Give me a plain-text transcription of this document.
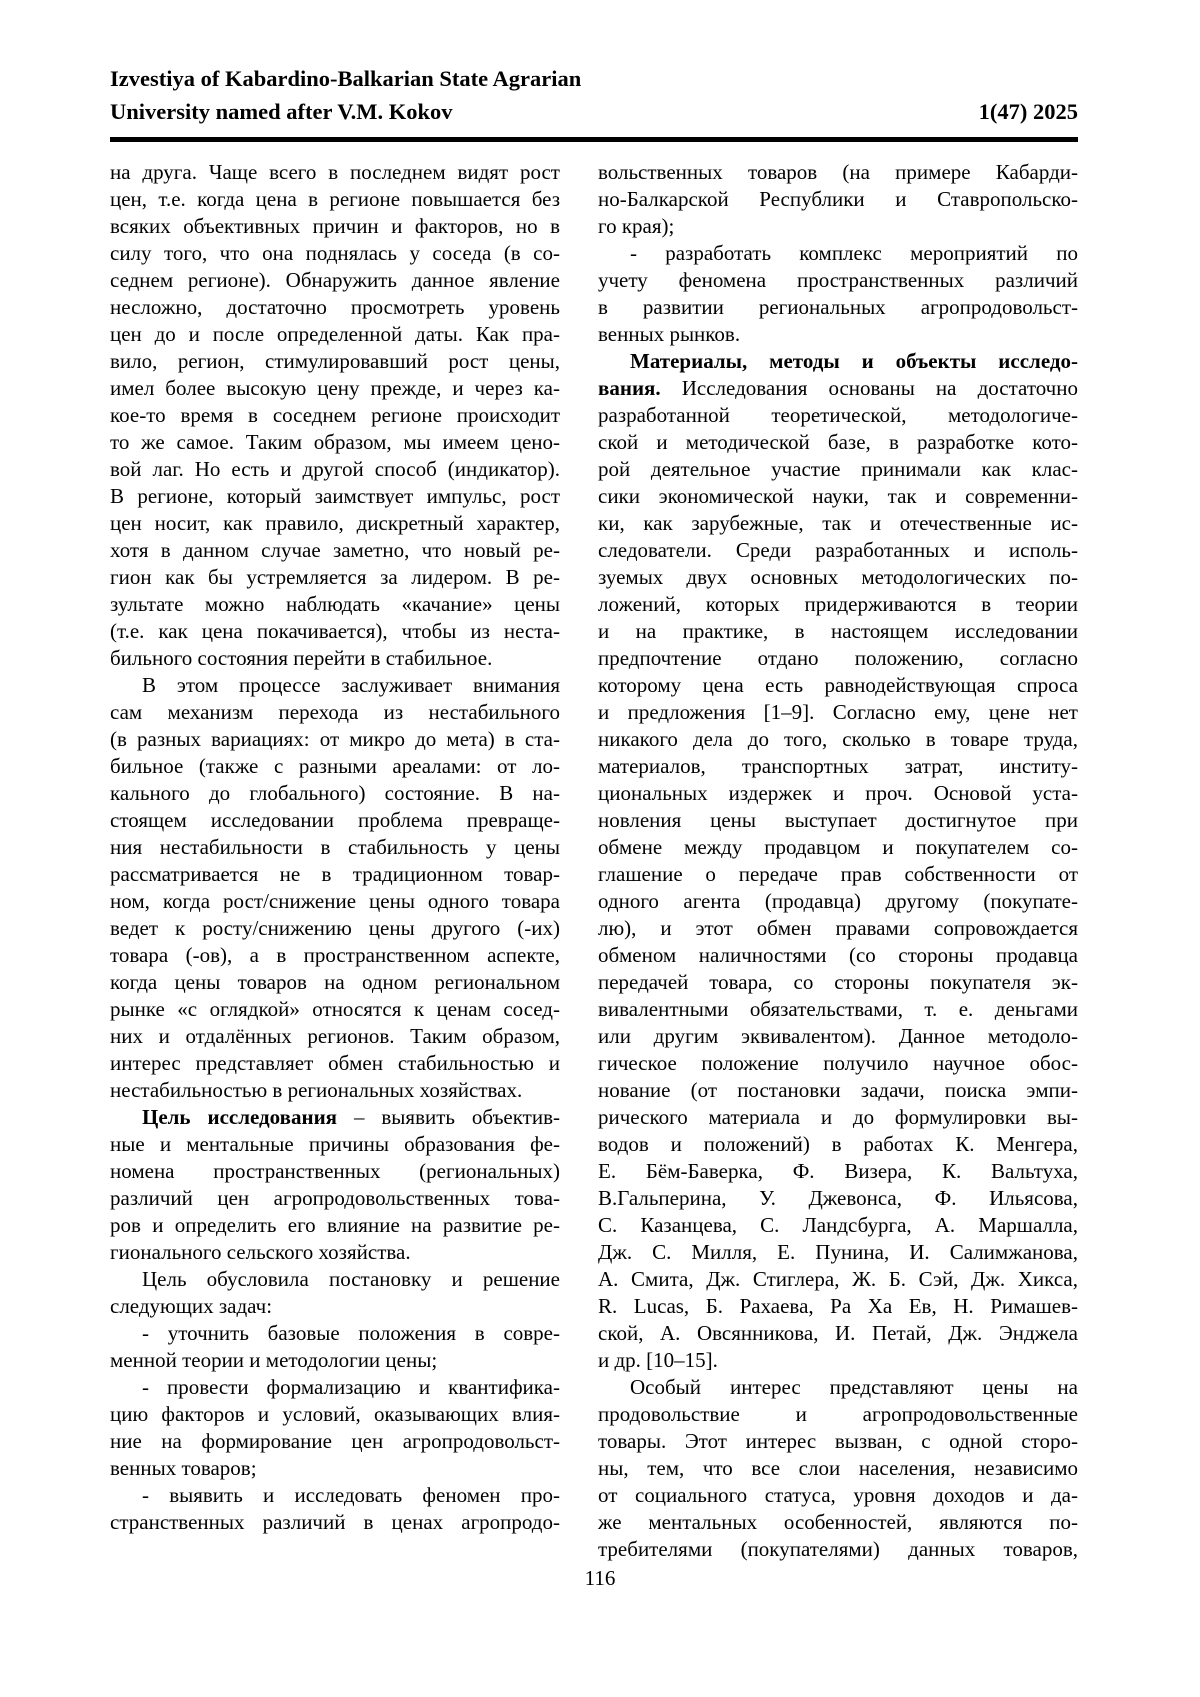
Izvestiya of Kabardino-Balkarian State Agrarian
University named after V.M. Kokov	1(47) 2025
на друга. Чаще всего в последнем видят рост
цен, т.е. когда цена в регионе повышается без
всяких объективных причин и факторов, но в
силу того, что она поднялась у соседа (в со-
седнем регионе). Обнаружить данное явление
несложно, достаточно просмотреть уровень
цен до и после определенной даты. Как пра-
вило, регион, стимулировавший рост цены,
имел более высокую цену прежде, и через ка-
кое-то время в соседнем регионе происходит
то же самое. Таким образом, мы имеем цено-
вой лаг. Но есть и другой способ (индикатор).
В регионе, который заимствует импульс, рост
цен носит, как правило, дискретный характер,
хотя в данном случае заметно, что новый ре-
гион как бы устремляется за лидером. В ре-
зультате можно наблюдать «качание» цены
(т.е. как цена покачивается), чтобы из неста-
бильного состояния перейти в стабильное.
В этом процессе заслуживает внимания
сам механизм перехода из нестабильного
(в разных вариациях: от микро до мета) в ста-
бильное (также с разными ареалами: от ло-
кального до глобального) состояние. В на-
стоящем исследовании проблема превраще-
ния нестабильности в стабильность у цены
рассматривается не в традиционном товар-
ном, когда рост/снижение цены одного товара
ведет к росту/снижению цены другого (-их)
товара (-ов), а в пространственном аспекте,
когда цены товаров на одном региональном
рынке «с оглядкой» относятся к ценам сосед-
них и отдалённых регионов. Таким образом,
интерес представляет обмен стабильностью и
нестабильностью в региональных хозяйствах.
Цель исследования – выявить объектив-
ные и ментальные причины образования фе-
номена пространственных (региональных)
различий цен агропродовольственных това-
ров и определить его влияние на развитие ре-
гионального сельского хозяйства.
Цель обусловила постановку и решение
следующих задач:
- уточнить базовые положения в совре-
менной теории и методологии цены;
- провести формализацию и квантифика-
цию факторов и условий, оказывающих влия-
ние на формирование цен агропродовольст-
венных товаров;
- выявить и исследовать феномен про-
странственных различий в ценах агропродо-
вольственных товаров (на примере Кабарди-
но-Балкарской Республики и Ставропольско-
го края);
- разработать комплекс мероприятий по
учету феномена пространственных различий
в развитии региональных агропродовольст-
венных рынков.
Материалы, методы и объекты исследо-
вания. Исследования основаны на достаточно
разработанной теоретической, методологиче-
ской и методической базе, в разработке кото-
рой деятельное участие принимали как клас-
сики экономической науки, так и современни-
ки, как зарубежные, так и отечественные ис-
следователи. Среди разработанных и исполь-
зуемых двух основных методологических по-
ложений, которых придерживаются в теории
и на практике, в настоящем исследовании
предпочтение отдано положению, согласно
которому цена есть равнодействующая спроса
и предложения [1–9]. Согласно ему, цене нет
никакого дела до того, сколько в товаре труда,
материалов, транспортных затрат, институ-
циональных издержек и проч. Основой уста-
новления цены выступает достигнутое при
обмене между продавцом и покупателем со-
глашение о передаче прав собственности от
одного агента (продавца) другому (покупате-
лю), и этот обмен правами сопровождается
обменом наличностями (со стороны продавца
передачей товара, со стороны покупателя эк-
вивалентными обязательствами, т. е. деньгами
или другим эквивалентом). Данное методоло-
гическое положение получило научное обос-
нование (от постановки задачи, поиска эмпи-
рического материала и до формулировки вы-
водов и положений) в работах К. Менгера,
Е. Бём-Баверка, Ф. Визера, К. Вальтуха,
В.Гальперина, У. Джевонса, Ф. Ильясова,
С. Казанцева, С. Ландсбурга, А. Маршалла,
Дж. С. Милля, Е. Пунина, И. Салимжанова,
А. Смита, Дж. Стиглера, Ж. Б. Сэй, Дж. Хикса,
R. Lucas, Б. Рахаева, Ра Ха Ев, Н. Римашев-
ской, А. Овсянникова, И. Петай, Дж. Энджела
и др. [10–15].
Особый интерес представляют цены на
продовольствие и агропродовольственные
товары. Этот интерес вызван, с одной сторо-
ны, тем, что все слои населения, независимо
от социального статуса, уровня доходов и да-
же ментальных особенностей, являются по-
требителями (покупателями) данных товаров,
116
